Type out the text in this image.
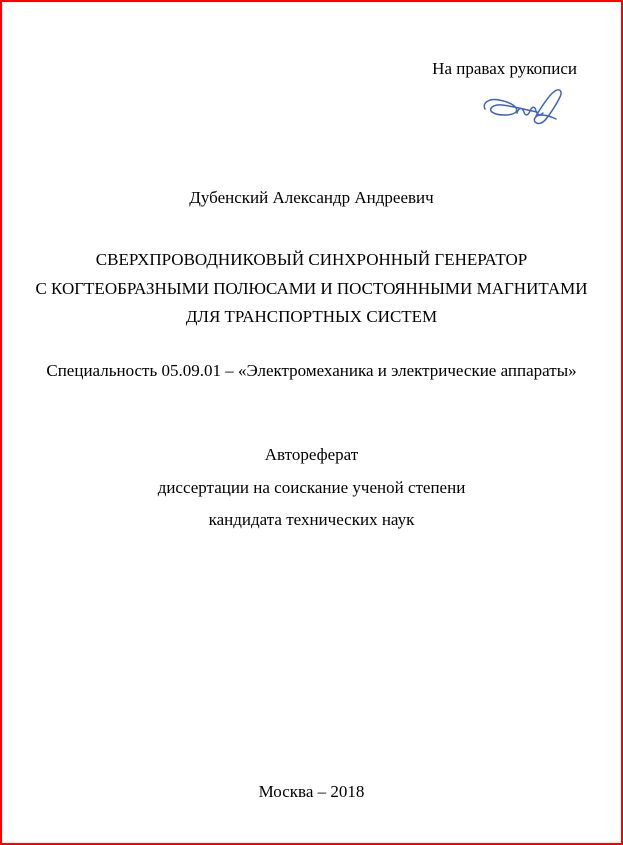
На правах рукописи
Дубенский Александр Андреевич
СВЕРХПРОВОДНИКОВЫЙ СИНХРОННЫЙ ГЕНЕРАТОР
С КОГТЕОБРАЗНЫМИ ПОЛЮСАМИ И ПОСТОЯННЫМИ МАГНИТАМИ
ДЛЯ ТРАНСПОРТНЫХ СИСТЕМ
Специальность 05.09.01 – «Электромеханика и электрические аппараты»
Автореферат
диссертации на соискание ученой степени
кандидата технических наук
Москва – 2018
